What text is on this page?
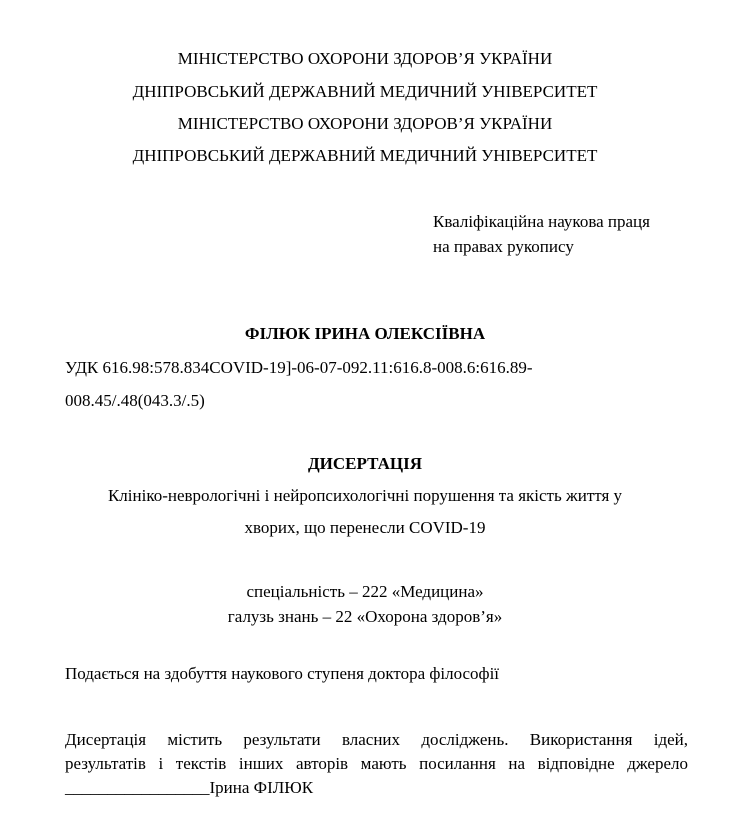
МІНІСТЕРСТВО ОХОРОНИ ЗДОРОВ’Я УКРАЇНИ
ДНІПРОВСЬКИЙ ДЕРЖАВНИЙ МЕДИЧНИЙ УНІВЕРСИТЕТ
МІНІСТЕРСТВО ОХОРОНИ ЗДОРОВ’Я УКРАЇНИ
ДНІПРОВСЬКИЙ ДЕРЖАВНИЙ МЕДИЧНИЙ УНІВЕРСИТЕТ
Кваліфікаційна наукова праця
на правах рукопису
ФІЛЮК ІРИНА ОЛЕКСІЇВНА
УДК 616.98:578.834COVID-19]-06-07-092.11:616.8-008.6:616.89-
008.45/.48(043.3/.5)
ДИСЕРТАЦІЯ
Клініко-неврологічні і нейропсихологічні порушення та якість життя у
хворих, що перенесли COVID-19
спеціальність – 222 «Медицина»
галузь знань – 22 «Охорона здоров’я»
Подається на здобуття наукового ступеня доктора філософії
Дисертація містить результати власних досліджень. Використання ідей,
результатів і текстів інших авторів мають посилання на відповідне джерело
_________________Ірина ФІЛЮК
